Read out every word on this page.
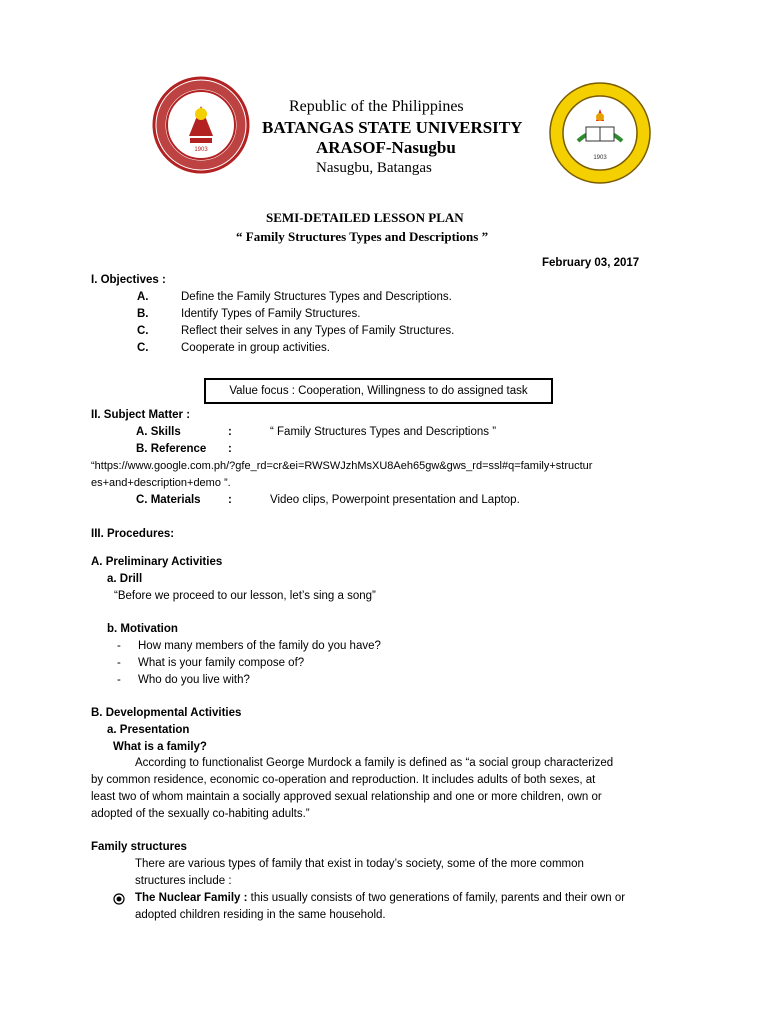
1903
1903
Republic of the Philippines
BATANGAS STATE UNIVERSITY
ARASOF-Nasugbu
Nasugbu, Batangas
SEMI-DETAILED LESSON PLAN
“ Family Structures Types and Descriptions ”
February 03, 2017
I. Objectives :
A.	Define the Family Structures Types and Descriptions.
B.	Identify Types of Family Structures.
C.	Reflect their selves in any Types of Family Structures.
C.	Cooperate in group activities.
Value focus : Cooperation, Willingness to do assigned task
II. Subject Matter :
A. Skills	:	“ Family Structures Types and Descriptions ”
B. Reference :
“https://www.google.com.ph/?gfe_rd=cr&ei=RWSWJzhMsXU8Aeh65gw&gws_rd=ssl#q=family+structur
es+and+description+demo ”.
C. Materials :	Video clips, Powerpoint presentation and Laptop.
III. Procedures:
A. Preliminary Activities
a. Drill
“Before we proceed to our lesson, let’s sing a song”
b. Motivation
- How many members of the family do you have?
- What is your family compose of?
- Who do you live with?
B. Developmental Activities
a. Presentation
What is a family?
According to functionalist George Murdock a family is defined as “a social group characterized
by common residence, economic co-operation and reproduction. It includes adults of both sexes, at
least two of whom maintain a socially approved sexual relationship and one or more children, own or
adopted of the sexually co-habiting adults.”
Family structures
There are various types of family that exist in today’s society, some of the more common
structures include :
The Nuclear Family : this usually consists of two generations of family, parents and their own or
adopted children residing in the same household.
